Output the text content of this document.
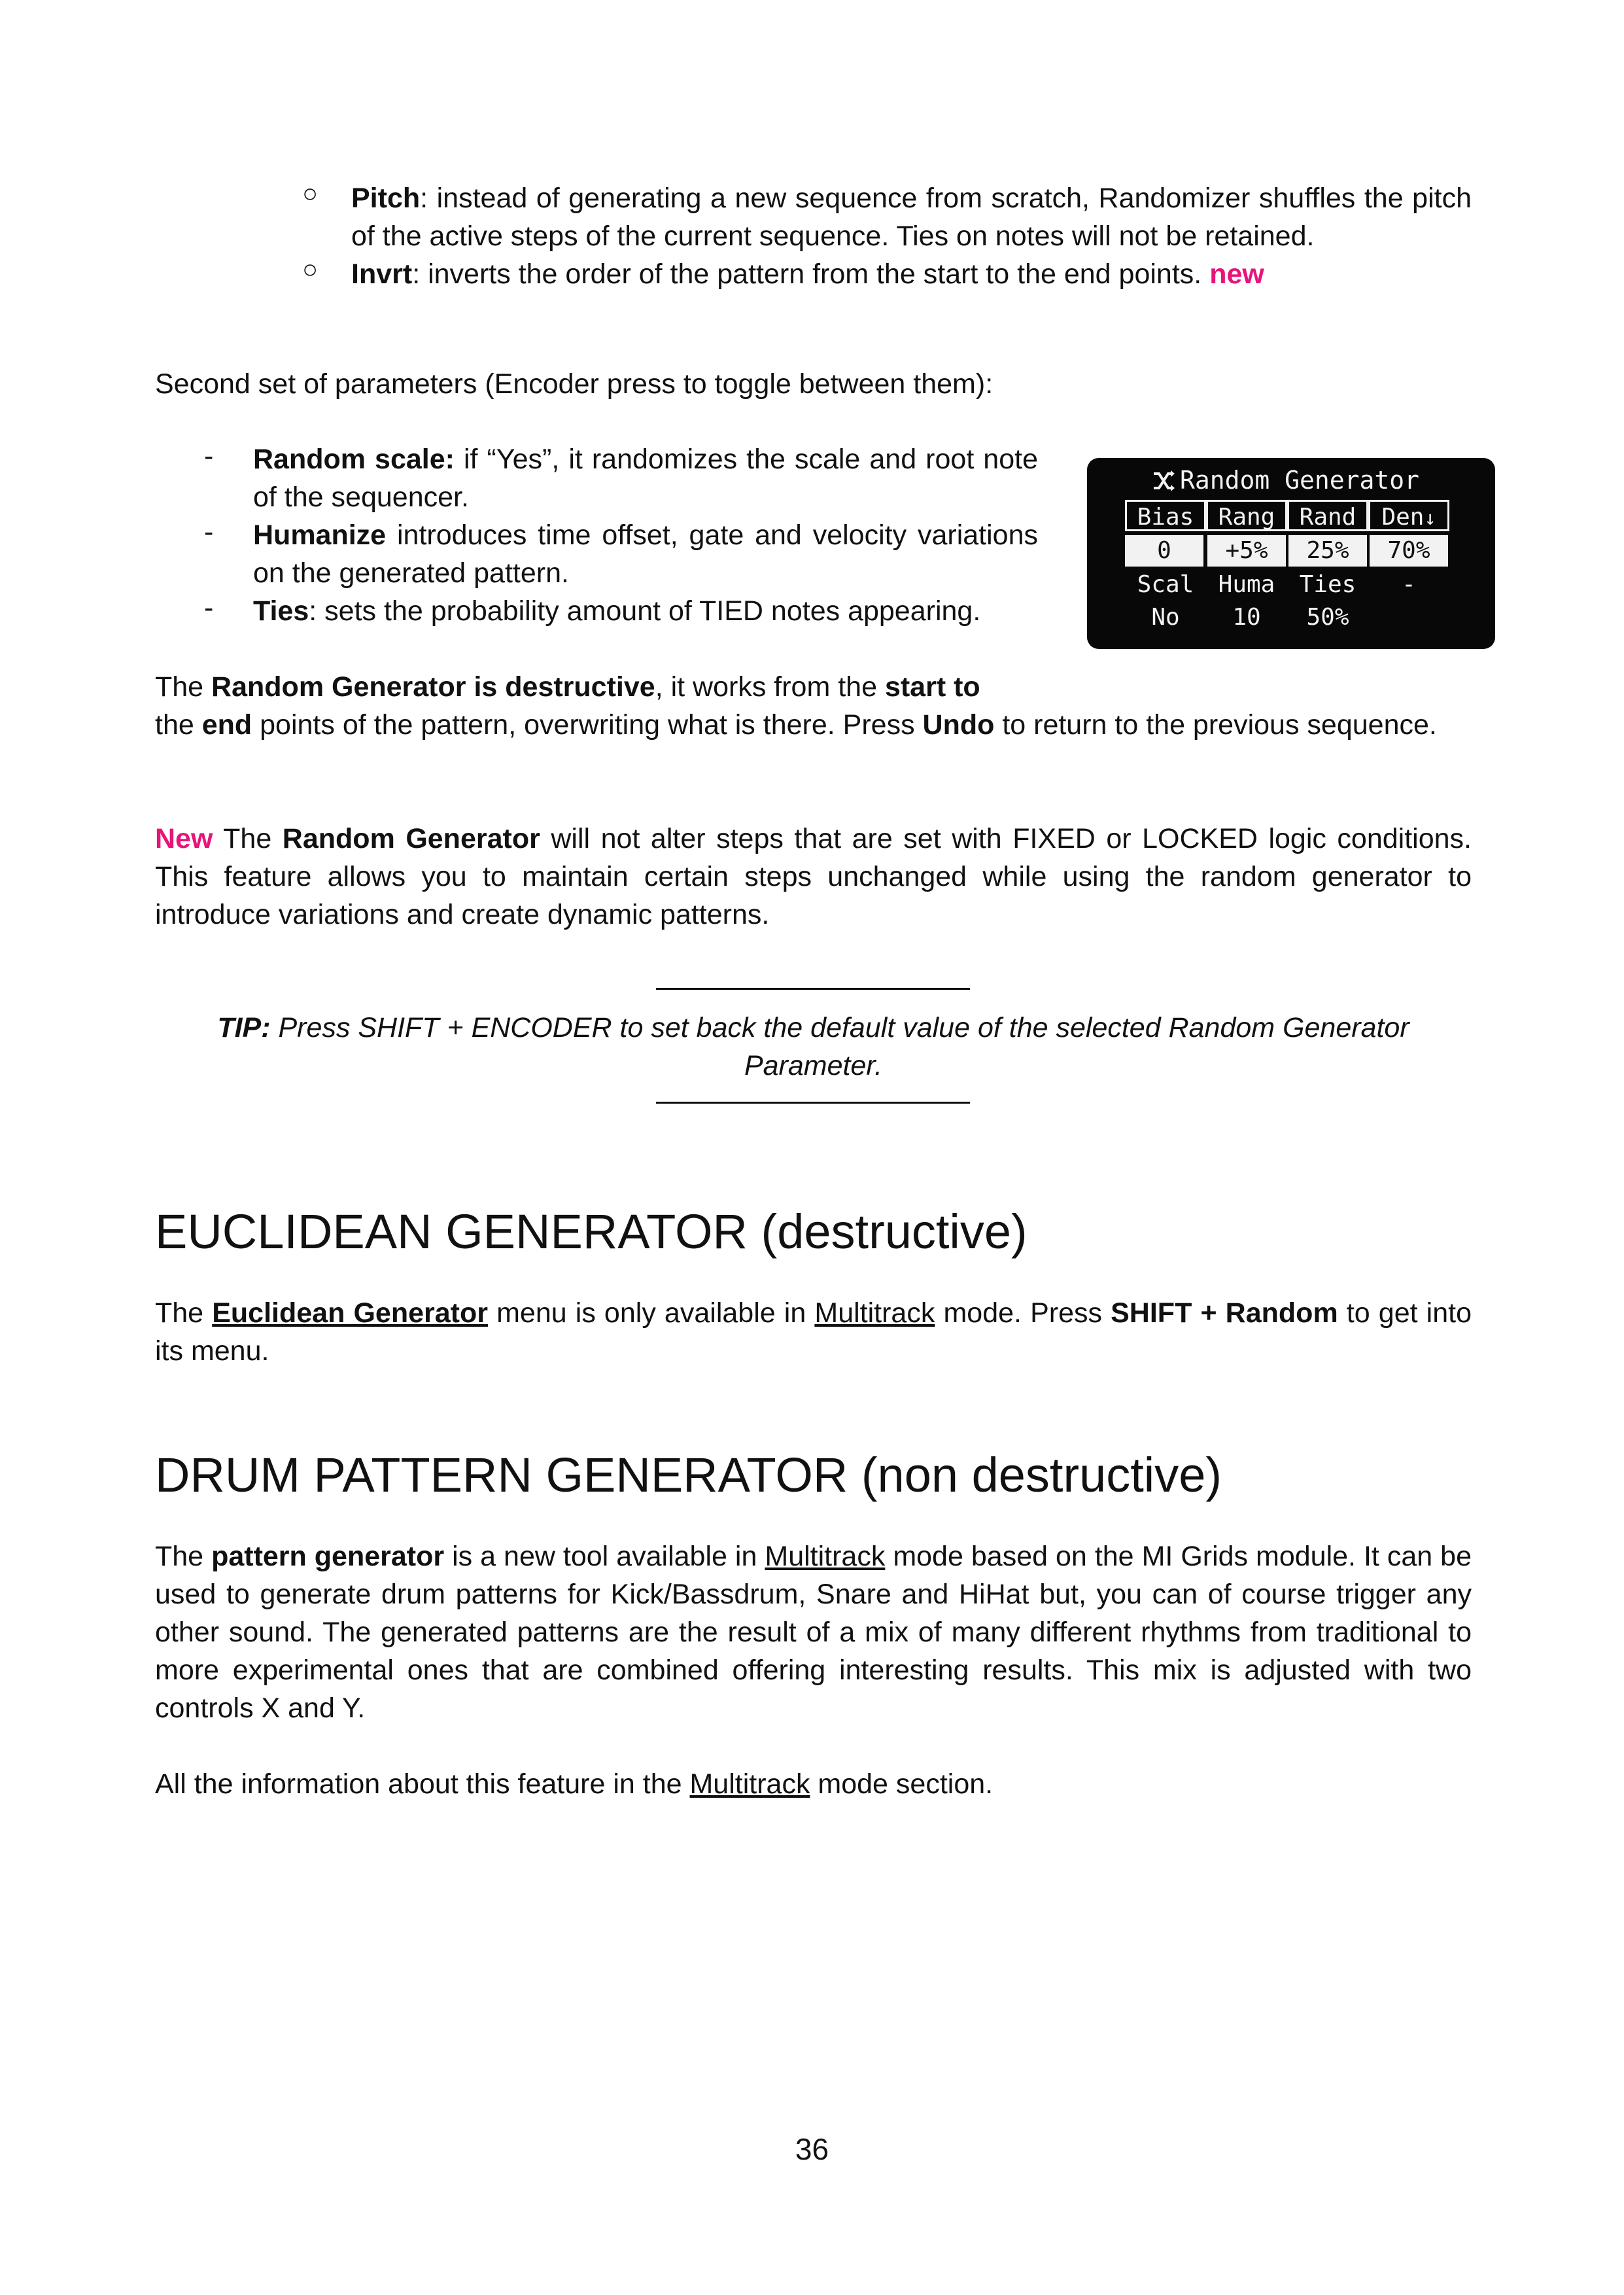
○ Pitch: instead of generating a new sequence from scratch, Randomizer shuffles the pitch of the active steps of the current sequence. Ties on notes will not be retained.

○ Invrt: inverts the order of the pattern from the start to the end points. new

Second set of parameters (Encoder press to toggle between them):

- Random scale: if “Yes”, it randomizes the scale and root note of the sequencer.

- Humanize introduces time offset, gate and velocity variations on the generated pattern.

- Ties: sets the probability amount of TIED notes appearing.

Random Generator
Bias	Rang	Rand	Den↓
0	+5%	25%	70%
Scal	Huma	Ties	-
No	10	50%

The Random Generator is destructive, it works from the start to

the end points of the pattern, overwriting what is there. Press Undo to return to the previous sequence.

New The Random Generator will not alter steps that are set with FIXED or LOCKED logic conditions. This feature allows you to maintain certain steps unchanged while using the random generator to introduce variations and create dynamic patterns.

TIP: Press SHIFT + ENCODER to set back the default value of the selected Random Generator Parameter.

EUCLIDEAN GENERATOR (destructive)

The Euclidean Generator menu is only available in Multitrack mode. Press SHIFT + Random to get into its menu.

DRUM PATTERN GENERATOR (non destructive)

The pattern generator is a new tool available in Multitrack mode based on the MI Grids module. It can be used to generate drum patterns for Kick/Bassdrum, Snare and HiHat but, you can of course trigger any other sound. The generated patterns are the result of a mix of many different rhythms from traditional to more experimental ones that are combined offering interesting results. This mix is adjusted with two controls X and Y.

All the information about this feature in the Multitrack mode section.

36
